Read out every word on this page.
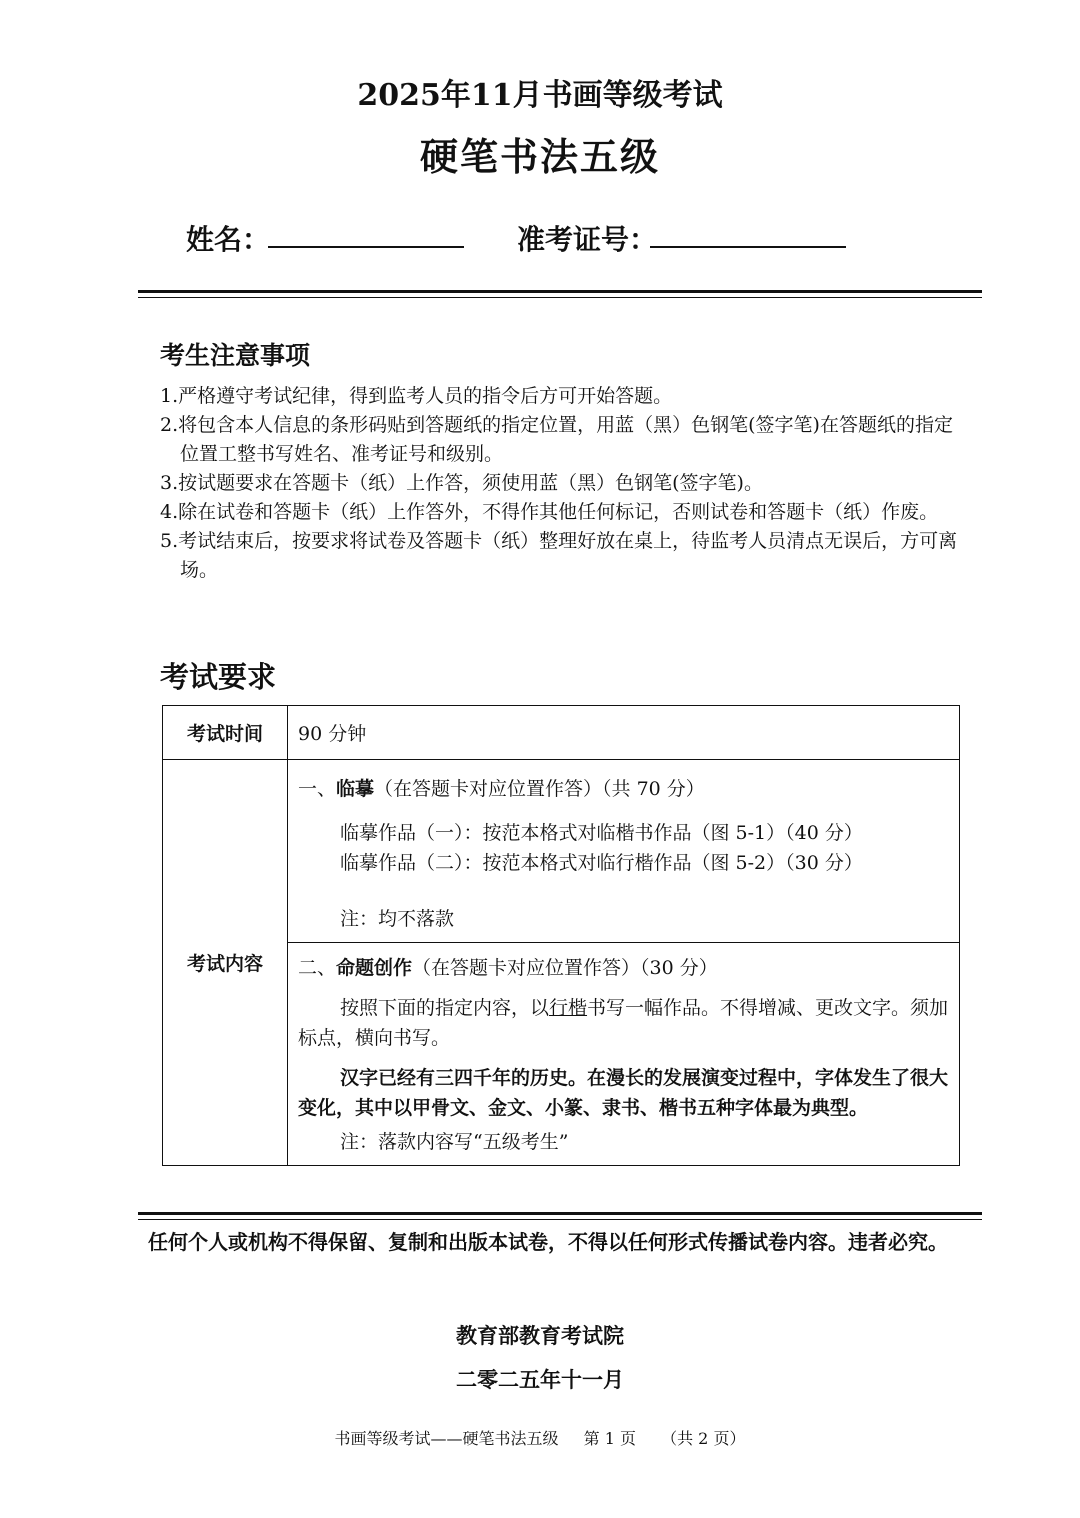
2025年11月书画等级考试
硬笔书法五级
姓名：	准考证号：
考生注意事项

1.严格遵守考试纪律，得到监考人员的指令后方可开始答题。

2.将包含本人信息的条形码贴到答题纸的指定位置，用蓝（黑）色钢笔(签字笔)在答题纸的指定位置工整书写姓名、准考证号和级别。

3.按试题要求在答题卡（纸）上作答，须使用蓝（黑）色钢笔(签字笔)。

4.除在试卷和答题卡（纸）上作答外，不得作其他任何标记，否则试卷和答题卡（纸）作废。

5.考试结束后，按要求将试卷及答题卡（纸）整理好放在桌上，待监考人员清点无误后，方可离场。

考试要求
考试时间	90 分钟
考试内容	一、临摹（在答题卡对应位置作答）（共 70 分）
临摹作品（一）：按范本格式对临楷书作品（图 5-1）（40 分）
临摹作品（二）：按范本格式对临行楷作品（图 5-2）（30 分）
注：均不落款

	二、命题创作（在答题卡对应位置作答）（30 分）
按照下面的指定内容，以行楷书写一幅作品。不得增减、更改文字。须加标点，横向书写。
汉字已经有三四千年的历史。在漫长的发展演变过程中，字体发生了很大变化，其中以甲骨文、金文、小篆、隶书、楷书五种字体最为典型。
注：落款内容写“五级考生”
任何个人或机构不得保留、复制和出版本试卷，不得以任何形式传播试卷内容。违者必究。
教育部教育考试院
二零二五年十一月
书画等级考试——硬笔书法五级 第 1 页 （共 2 页）
